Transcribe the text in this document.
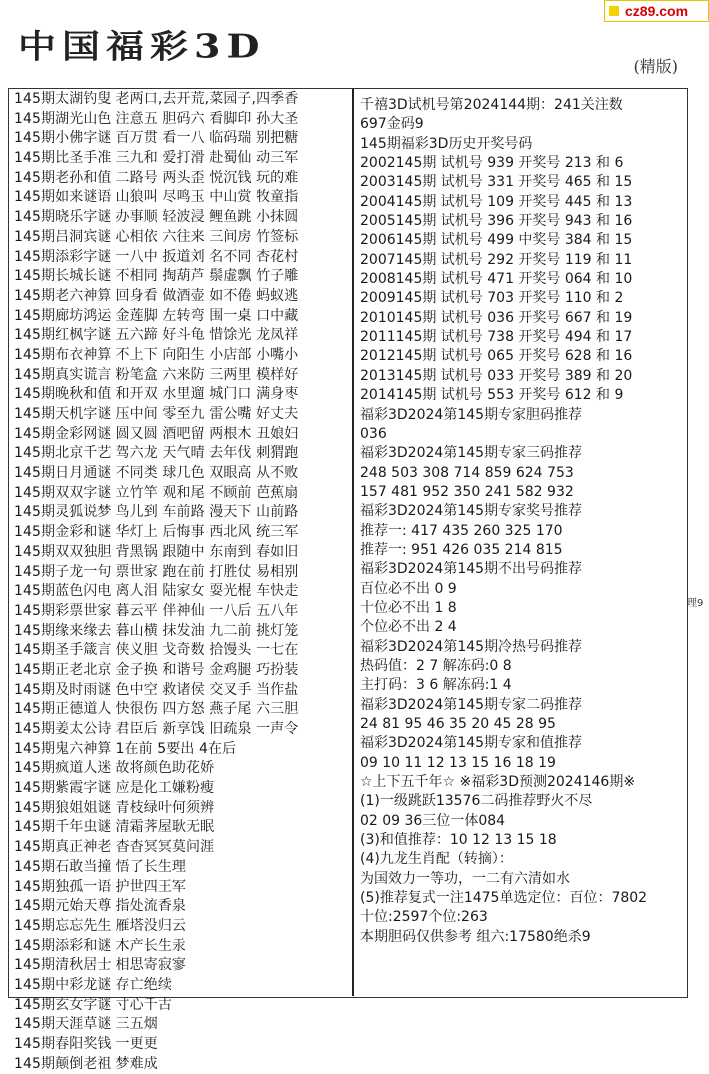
中国福彩3D
(精版)
cz89.com
145期太湖钓叟 老两口,去开荒,菜园子,四季香
145期湖光山色 注意五 胆码六 看脚印 孙大圣
145期小佛字谜 百万贯 看一八 临码瑞 别把糖
145期比圣手准 三九和 爱打滑 赴蜀仙 动三军
145期老孙和值 二路号 两头歪 悦沉钱 玩的难
145期如来谜语 山狼叫 尽鸣玉 中山赏 牧童指
145期晓乐字谜 办事顺 轻波浸 鲤鱼跳 小抹圆
145期吕洞宾谜 心相依 六往来 三间房 竹签标
145期添彩字谜 一八中 扳道刘 名不同 杏花村
145期长城长谜 不相同 掏葫芦 鬃虚飘 竹子雕
145期老六神算 回身看 做酒壶 如不倦 蚂蚁逃
145期廊坊鸿运 金莲脚 左转弯 围一桌 口中藏
145期红枫字谜 五六蹄 好斗龟 惜馀光 龙凤祥
145期布衣神算 不上下 向阳生 小店部 小嘴小
145期真实谎言 粉笔盒 六来防 三两里 模样好
145期晚秋和值 和开双 水里遛 城门口 满身枣
145期天机字谜 压中间 零至九 雷公嘴 好丈夫
145期金彩网谜 圆又圆 酒吧留 两根木 丑娘妇
145期北京千艺 驾六龙 天气晴 去年伐 刺猬跑
145期日月通谜 不同类 球几色 双眼高 从不败
145期双双字谜 立竹竿 观和尾 不顾前 芭蕉扇
145期灵狐说梦 鸟儿到 车前路 漫天下 山前路
145期金彩和谜 华灯上 后悔事 西北风 统三军
145期双双独胆 背黑锅 跟随中 东南到 春如旧
145期子龙一句 票世家 跑在前 打胜仗 易相别
145期蓝色闪电 离人泪 陆家女 耍光棍 车快走
145期彩票世家 暮云平 伴神仙 一八后 五八年
145期缘来缘去 暮山横 抹发油 九二前 挑灯笼
145期圣手箴言 侠义胆 戈奇数 拾馒头 一七在
145期正老北京 金子换 和谐号 金鸡腿 巧扮装
145期及时雨谜 色中空 救诸侯 交叉手 当作盐
145期正德道人 快很伤 四方怒 燕子尾 六三胆
145期姜太公诗 君臣后 新享饯 旧疏泉 一声令
145期鬼六神算 1在前 5要出 4在后
145期疯道人迷 故将颜色助花娇
145期紫霞字谜 应是化工嫌粉瘦
145期狼姐姐谜 青枝绿叶何须辨
145期千年虫谜 清霜荠屋耿无眠
145期真正神老 杳杳冥冥莫问涯
145期石敢当撞 悟了长生理
145期独孤一语 护世四王军
145期元始天尊 指处流香泉
145期忘忘先生 雁塔没归云
145期添彩和谜 木产长生汞
145期清秋居士 相思寄寂寥
145期中彩龙谜 存亡绝续
145期玄女字谜 寸心千古
145期天涯草谜 三五烟
145期春阳奖钱 一更更
145期颠倒老祖 梦难成
千禧3D试机号第2024144期：241关注数
697金码9
145期福彩3D历史开奖号码
2002145期 试机号 939 开奖号 213 和 6
2003145期 试机号 331 开奖号 465 和 15
2004145期 试机号 109 开奖号 445 和 13
2005145期 试机号 396 开奖号 943 和 16
2006145期 试机号 499 中奖号 384 和 15
2007145期 试机号 292 开奖号 119 和 11
2008145期 试机号 471 开奖号 064 和 10
2009145期 试机号 703 开奖号 110 和 2
2010145期 试机号 036 开奖号 667 和 19
2011145期 试机号 738 开奖号 494 和 17
2012145期 试机号 065 开奖号 628 和 16
2013145期 试机号 033 开奖号 389 和 20
2014145期 试机号 553 开奖号 612 和 9
福彩3D2024第145期专家胆码推荐
036
福彩3D2024第145期专家三码推荐
248 503 308 714 859 624 753
157 481 952 350 241 582 932
福彩3D2024第145期专家奖号推荐
推荐一: 417 435 260 325 170
推荐一: 951 426 035 214 815
福彩3D2024第145期不出号码推荐
百位必不出 0 9
十位必不出 1 8
个位必不出 2 4
福彩3D2024第145期冷热号码推荐
热码值：2 7 解冻码:0 8
主打码：3 6 解冻码:1 4
福彩3D2024第145期专家二码推荐
24 81 95 46 35 20 45 28 95
福彩3D2024第145期专家和值推荐
09 10 11 12 13 15 16 18 19
☆上下五千年☆ ※福彩3D预测2024146期※
(1)一级跳跃13576二码推荐野火不尽
02 09 36三位一体084
(3)和值推荐：10 12 13 15 18
(4)九龙生肖配（转摘）：
为国效力一等功，一二有六清如水
(5)推荐复式一注1475单选定位：百位：7802
十位:2597个位:263
本期胆码仅供参考 组六:17580绝杀9
理9
